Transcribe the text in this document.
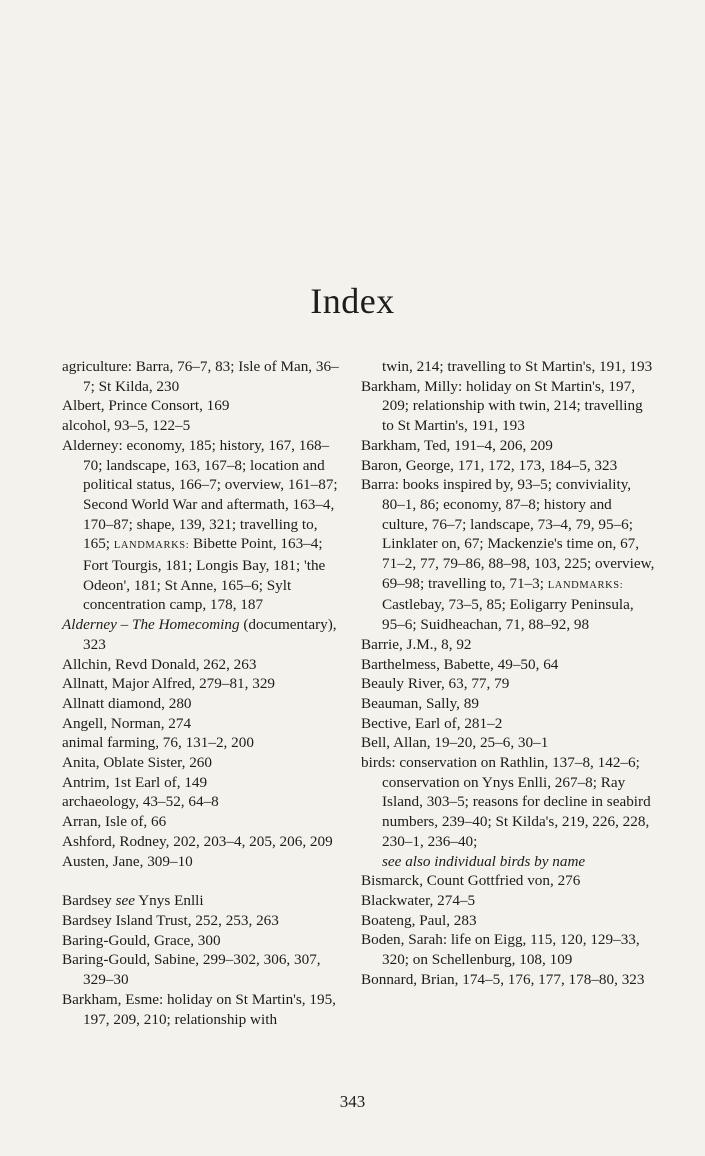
Index
agriculture: Barra, 76–7, 83; Isle of Man, 36–7; St Kilda, 230
Albert, Prince Consort, 169
alcohol, 93–5, 122–5
Alderney: economy, 185; history, 167, 168–70; landscape, 163, 167–8; location and political status, 166–7; overview, 161–87; Second World War and aftermath, 163–4, 170–87; shape, 139, 321; travelling to, 165; LANDMARKS: Bibette Point, 163–4; Fort Tourgis, 181; Longis Bay, 181; 'the Odeon', 181; St Anne, 165–6; Sylt concentration camp, 178, 187
Alderney – The Homecoming (documentary), 323
Allchin, Revd Donald, 262, 263
Allnatt, Major Alfred, 279–81, 329
Allnatt diamond, 280
Angell, Norman, 274
animal farming, 76, 131–2, 200
Anita, Oblate Sister, 260
Antrim, 1st Earl of, 149
archaeology, 43–52, 64–8
Arran, Isle of, 66
Ashford, Rodney, 202, 203–4, 205, 206, 209
Austen, Jane, 309–10
Bardsey see Ynys Enlli
Bardsey Island Trust, 252, 253, 263
Baring-Gould, Grace, 300
Baring-Gould, Sabine, 299–302, 306, 307, 329–30
Barkham, Esme: holiday on St Martin's, 195, 197, 209, 210; relationship with
twin, 214; travelling to St Martin's, 191, 193
Barkham, Milly: holiday on St Martin's, 197, 209; relationship with twin, 214; travelling to St Martin's, 191, 193
Barkham, Ted, 191–4, 206, 209
Baron, George, 171, 172, 173, 184–5, 323
Barra: books inspired by, 93–5; conviviality, 80–1, 86; economy, 87–8; history and culture, 76–7; landscape, 73–4, 79, 95–6; Linklater on, 67; Mackenzie's time on, 67, 71–2, 77, 79–86, 88–98, 103, 225; overview, 69–98; travelling to, 71–3; LANDMARKS: Castlebay, 73–5, 85; Eoligarry Peninsula, 95–6; Suidheachan, 71, 88–92, 98
Barrie, J.M., 8, 92
Barthelmess, Babette, 49–50, 64
Beauly River, 63, 77, 79
Beauman, Sally, 89
Bective, Earl of, 281–2
Bell, Allan, 19–20, 25–6, 30–1
birds: conservation on Rathlin, 137–8, 142–6; conservation on Ynys Enlli, 267–8; Ray Island, 303–5; reasons for decline in seabird numbers, 239–40; St Kilda's, 219, 226, 228, 230–1, 236–40;
see also individual birds by name
Bismarck, Count Gottfried von, 276
Blackwater, 274–5
Boateng, Paul, 283
Boden, Sarah: life on Eigg, 115, 120, 129–33, 320; on Schellenburg, 108, 109
Bonnard, Brian, 174–5, 176, 177, 178–80, 323
343
